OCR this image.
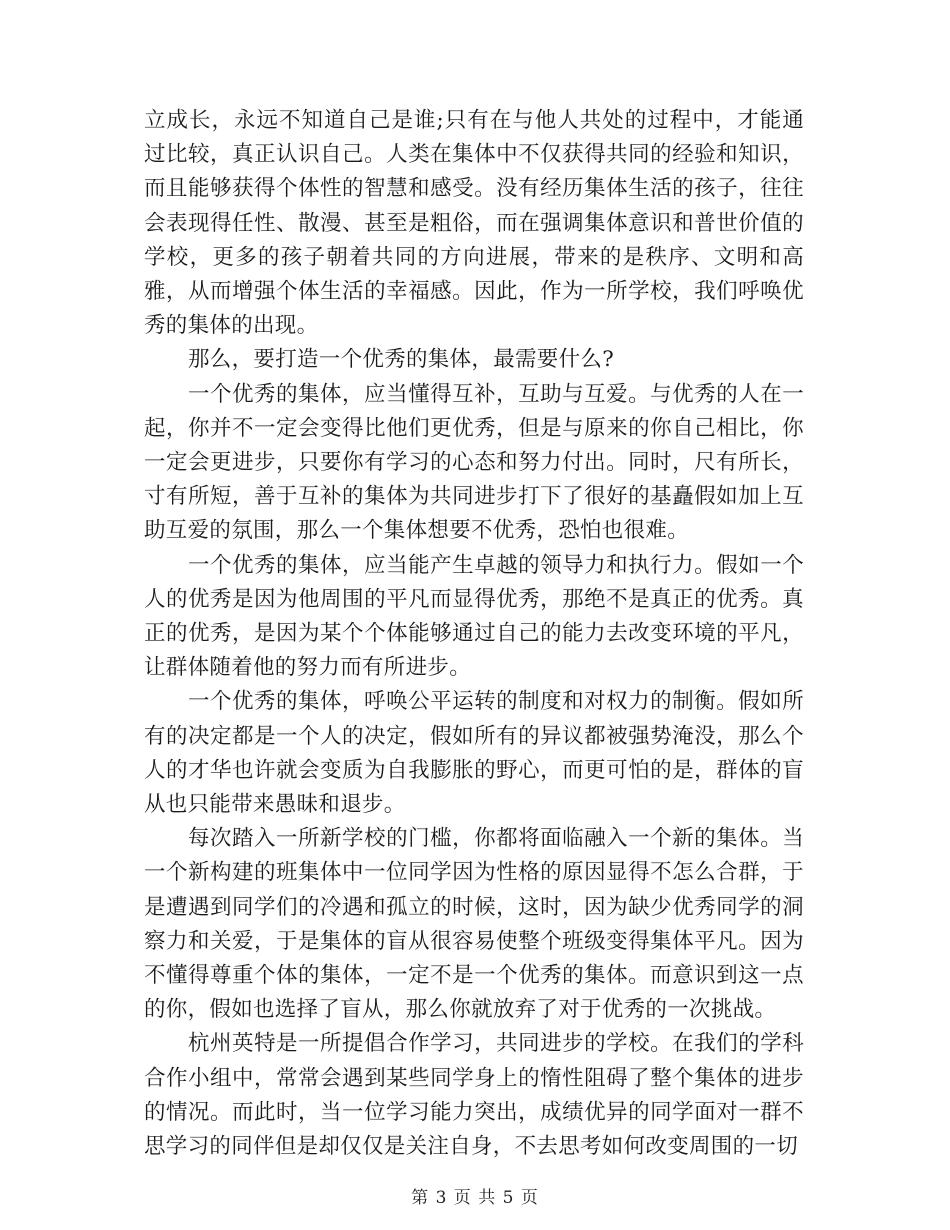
立成长，永远不知道自己是谁;只有在与他人共处的过程中，才能通过比较，真正认识自己。人类在集体中不仅获得共同的经验和知识，而且能够获得个体性的智慧和感受。没有经历集体生活的孩子，往往会表现得任性、散漫、甚至是粗俗，而在强调集体意识和普世价值的学校，更多的孩子朝着共同的方向进展，带来的是秩序、文明和高雅，从而增强个体生活的幸福感。因此，作为一所学校，我们呼唤优秀的集体的出现。

那么，要打造一个优秀的集体，最需要什么?

一个优秀的集体，应当懂得互补，互助与互爱。与优秀的人在一起，你并不一定会变得比他们更优秀，但是与原来的你自己相比，你一定会更进步，只要你有学习的心态和努力付出。同时，尺有所长，寸有所短，善于互补的集体为共同进步打下了很好的基矗假如加上互助互爱的氛围，那么一个集体想要不优秀，恐怕也很难。

一个优秀的集体，应当能产生卓越的领导力和执行力。假如一个人的优秀是因为他周围的平凡而显得优秀，那绝不是真正的优秀。真正的优秀，是因为某个个体能够通过自己的能力去改变环境的平凡，让群体随着他的努力而有所进步。

一个优秀的集体，呼唤公平运转的制度和对权力的制衡。假如所有的决定都是一个人的决定，假如所有的异议都被强势淹没，那么个人的才华也许就会变质为自我膨胀的野心，而更可怕的是，群体的盲从也只能带来愚昧和退步。

每次踏入一所新学校的门槛，你都将面临融入一个新的集体。当一个新构建的班集体中一位同学因为性格的原因显得不怎么合群，于是遭遇到同学们的冷遇和孤立的时候，这时，因为缺少优秀同学的洞察力和关爱，于是集体的盲从很容易使整个班级变得集体平凡。因为不懂得尊重个体的集体，一定不是一个优秀的集体。而意识到这一点的你，假如也选择了盲从，那么你就放弃了对于优秀的一次挑战。

杭州英特是一所提倡合作学习，共同进步的学校。在我们的学科合作小组中，常常会遇到某些同学身上的惰性阻碍了整个集体的进步的情况。而此时，当一位学习能力突出，成绩优异的同学面对一群不思学习的同伴但是却仅仅是关注自身，不去思考如何改变周围的一切

第 3 页 共 5 页
